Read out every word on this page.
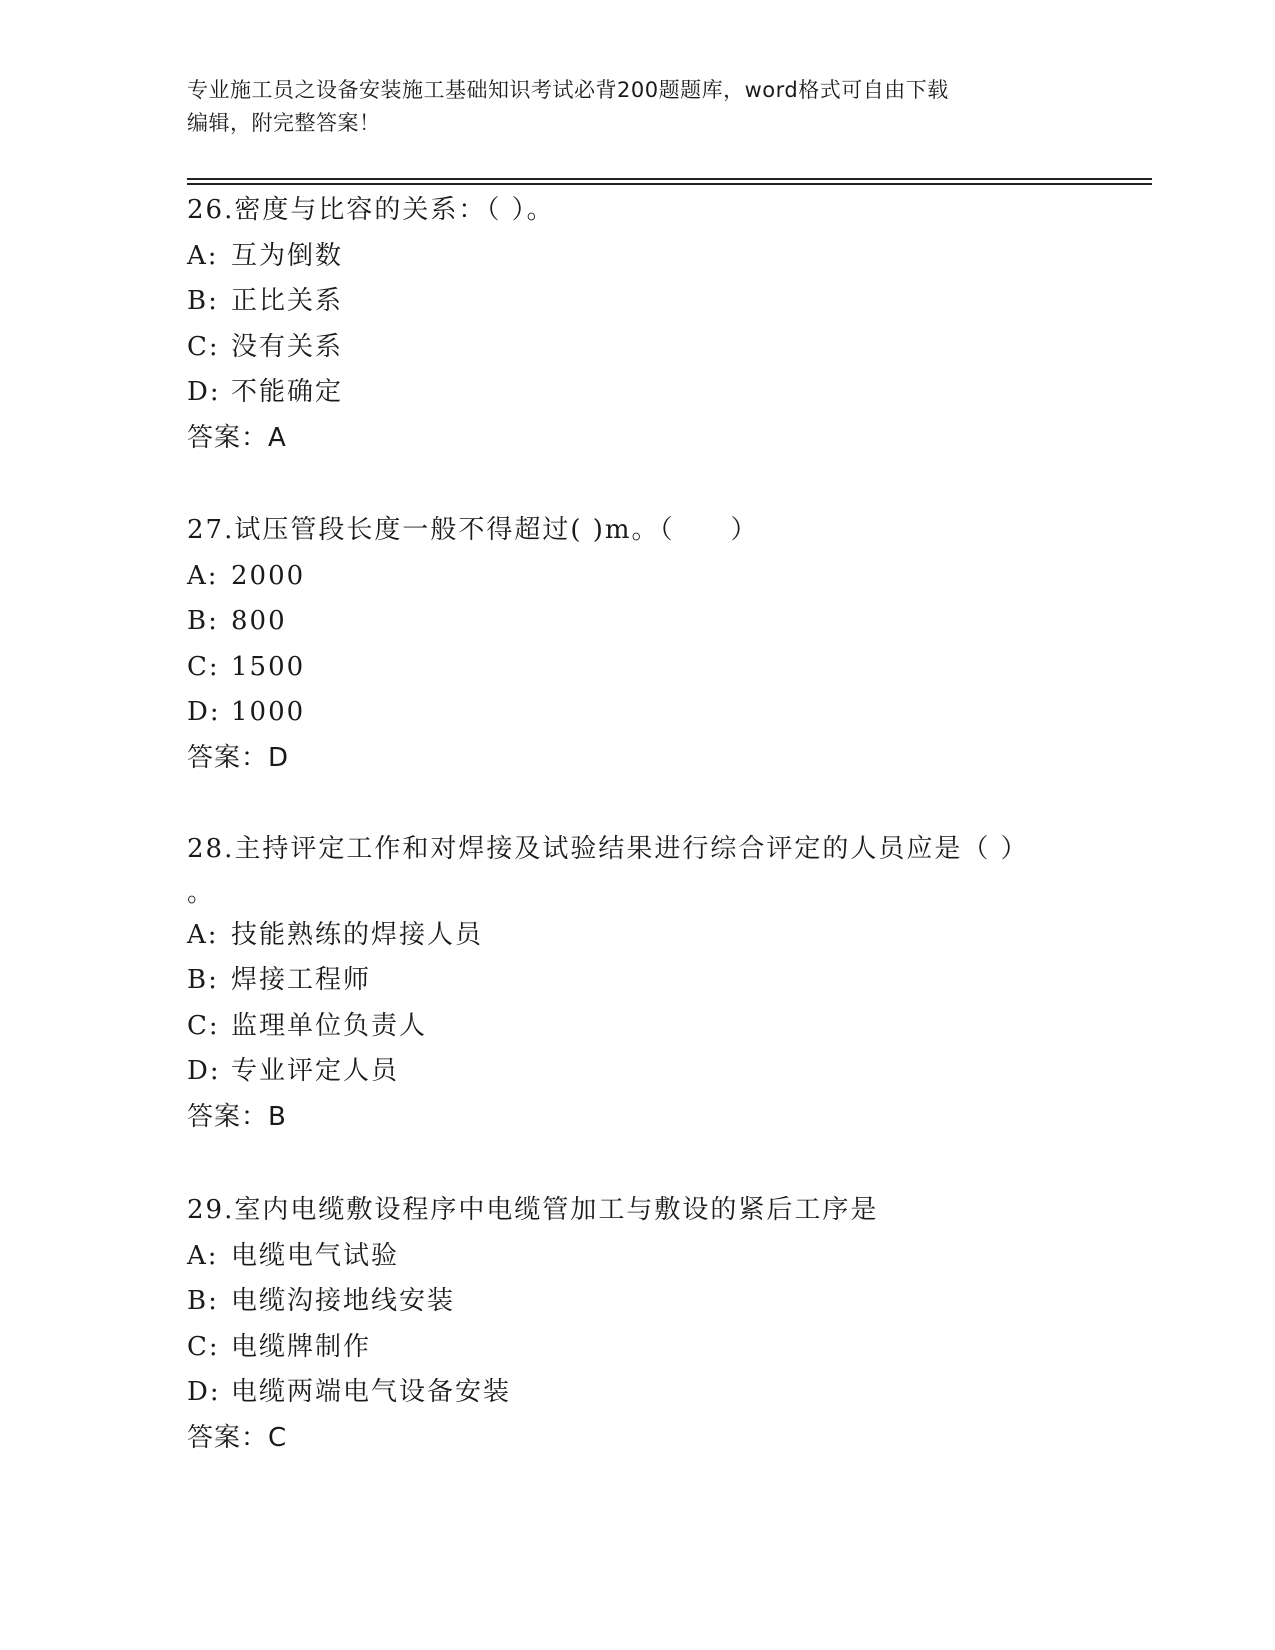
专业施工员之设备安装施工基础知识考试必背200题题库，word格式可自由下载
编辑，附完整答案！
26.密度与比容的关系：（ ）。
A: 互为倒数
B: 正比关系
C: 没有关系
D: 不能确定
答案：A
27.试压管段长度一般不得超过( )m。（　　）
A: 2000
B: 800
C: 1500
D: 1000
答案：D
28.主持评定工作和对焊接及试验结果进行综合评定的人员应是（ ）
。
A: 技能熟练的焊接人员
B: 焊接工程师
C: 监理单位负责人
D: 专业评定人员
答案：B
29.室内电缆敷设程序中电缆管加工与敷设的紧后工序是
A: 电缆电气试验
B: 电缆沟接地线安装
C: 电缆牌制作
D: 电缆两端电气设备安装
答案：C
